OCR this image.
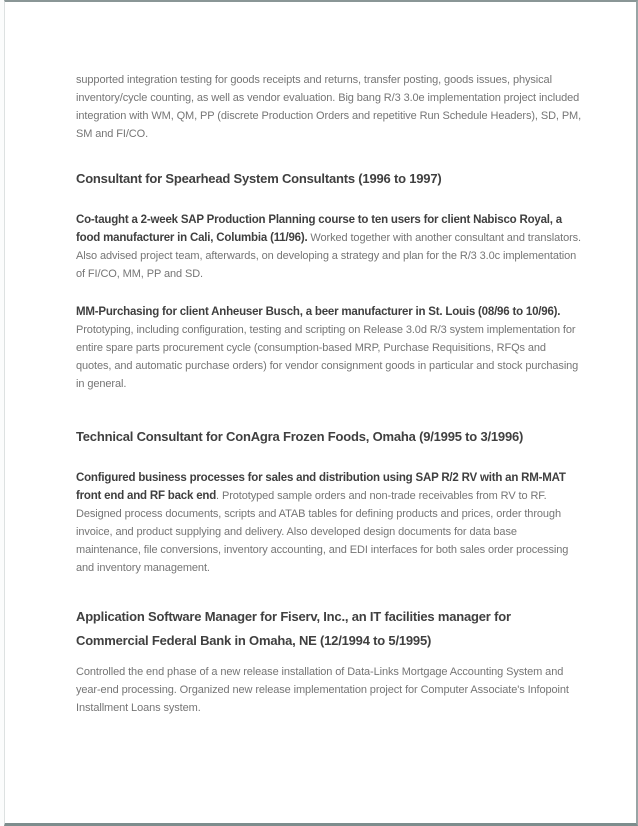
supported integration testing for goods receipts and returns, transfer posting, goods issues, physical inventory/cycle counting, as well as vendor evaluation. Big bang R/3 3.0e implementation project included integration with WM, QM, PP (discrete Production Orders and repetitive Run Schedule Headers), SD, PM, SM and FI/CO.

Consultant for Spearhead System Consultants (1996 to 1997)

Co-taught a 2-week SAP Production Planning course to ten users for client Nabisco Royal, a food manufacturer in Cali, Columbia (11/96). Worked together with another consultant and translators. Also advised project team, afterwards, on developing a strategy and plan for the R/3 3.0c implementation of FI/CO, MM, PP and SD.

MM-Purchasing for client Anheuser Busch, a beer manufacturer in St. Louis (08/96 to 10/96). Prototyping, including configuration, testing and scripting on Release 3.0d R/3 system implementation for entire spare parts procurement cycle (consumption-based MRP, Purchase Requisitions, RFQs and quotes, and automatic purchase orders) for vendor consignment goods in particular and stock purchasing in general.

Technical Consultant for ConAgra Frozen Foods, Omaha (9/1995 to 3/1996)

Configured business processes for sales and distribution using SAP R/2 RV with an RM-MAT front end and RF back end. Prototyped sample orders and non-trade receivables from RV to RF. Designed process documents, scripts and ATAB tables for defining products and prices, order through invoice, and product supplying and delivery. Also developed design documents for data base maintenance, file conversions, inventory accounting, and EDI interfaces for both sales order processing and inventory management.

Application Software Manager for Fiserv, Inc., an IT facilities manager for Commercial Federal Bank in Omaha, NE (12/1994 to 5/1995)

Controlled the end phase of a new release installation of Data-Links Mortgage Accounting System and year-end processing. Organized new release implementation project for Computer Associate's Infopoint Installment Loans system.
